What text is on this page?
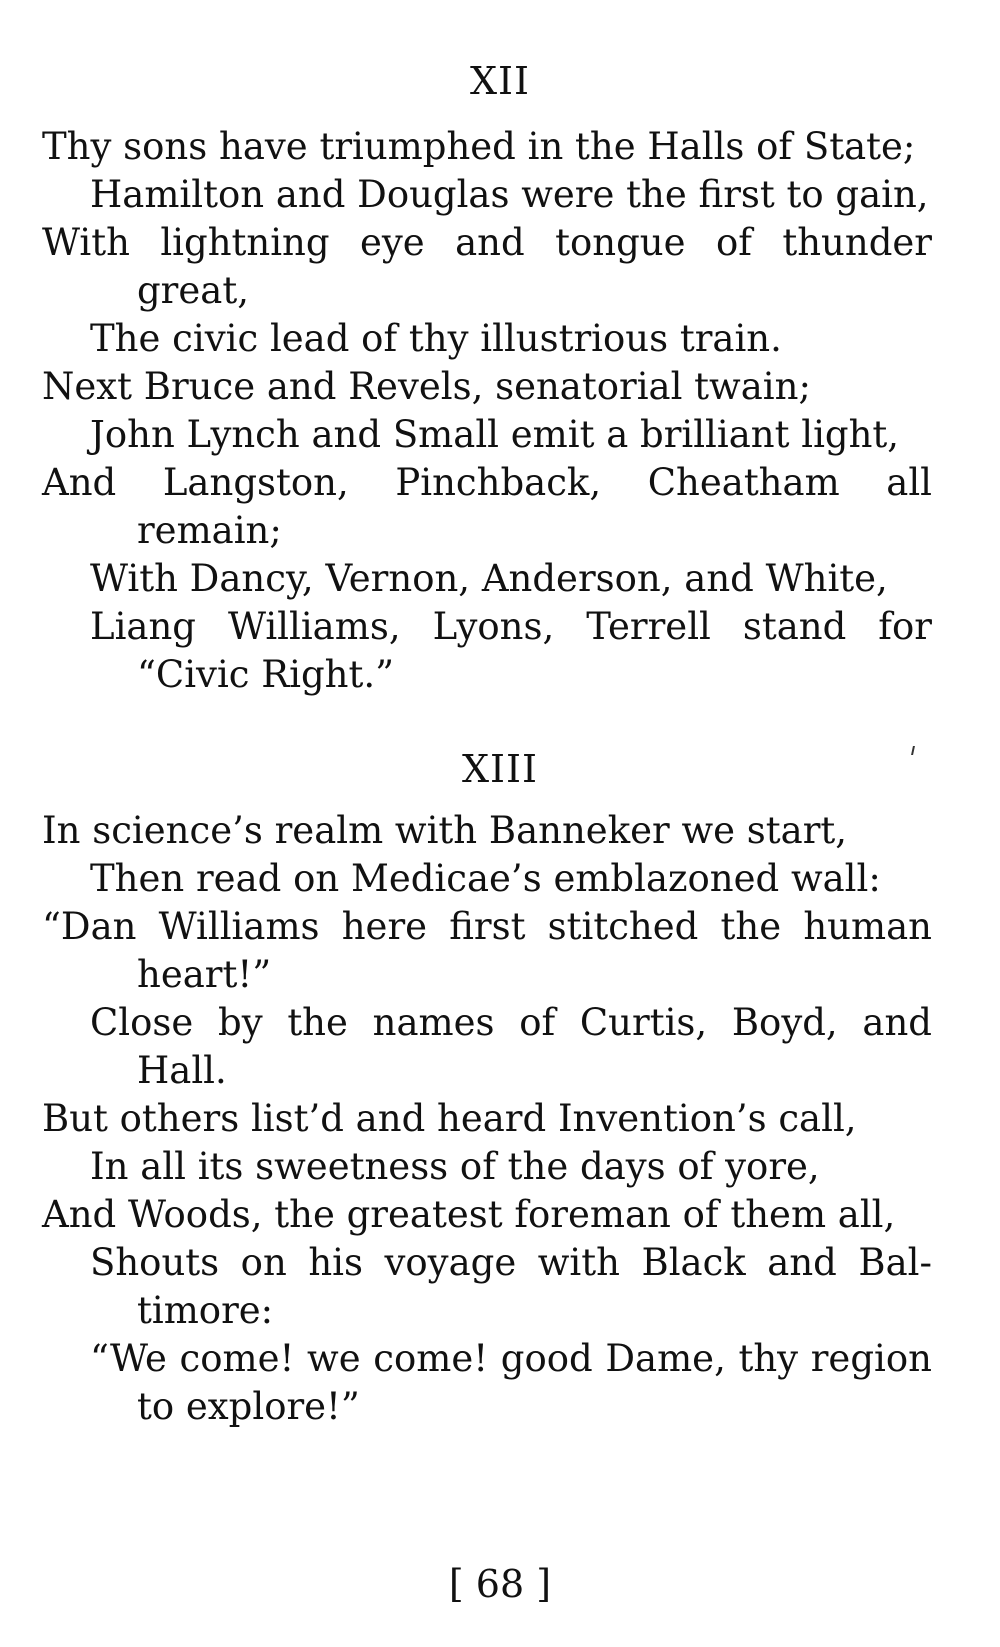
XII
Thy sons have triumphed in the Halls of State;
Hamilton and Douglas were the first to gain,
With lightning eye and tongue of thunder
great,
The civic lead of thy illustrious train.
Next Bruce and Revels, senatorial twain;
John Lynch and Small emit a brilliant light,
And Langston, Pinchback, Cheatham all
remain;
With Dancy, Vernon, Anderson, and White,
Liang Williams, Lyons, Terrell stand for
“Civic Right.”
XIII
In science’s realm with Banneker we start,
Then read on Medicae’s emblazoned wall:
“Dan Williams here first stitched the human
heart!”
Close by the names of Curtis, Boyd, and
Hall.
But others list’d and heard Invention’s call,
In all its sweetness of the days of yore,
And Woods, the greatest foreman of them all,
Shouts on his voyage with Black and Bal-
timore:
“We come! we come! good Dame, thy region
to explore!”
[ 68 ]
